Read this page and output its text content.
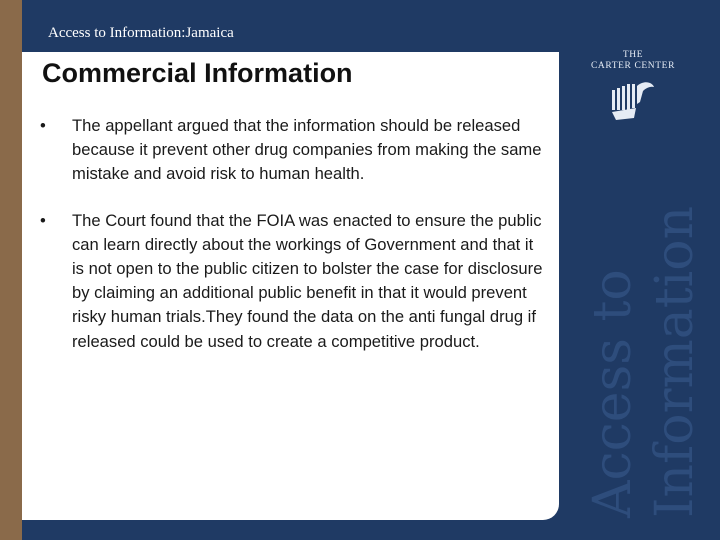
Access to Information:Jamaica
Commercial Information
• The appellant argued that the information should be released because it prevent other drug companies from making the same mistake and avoid risk to human health.
• The Court found that the FOIA was enacted to ensure the public can learn directly about the workings of Government and that it is not open to the public citizen to bolster the case for disclosure by claiming an additional public benefit in that it would prevent risky human trials.They found the data on the anti fungal drug if released could be used to create a competitive product.
THE
CARTER CENTER
Access to Information
